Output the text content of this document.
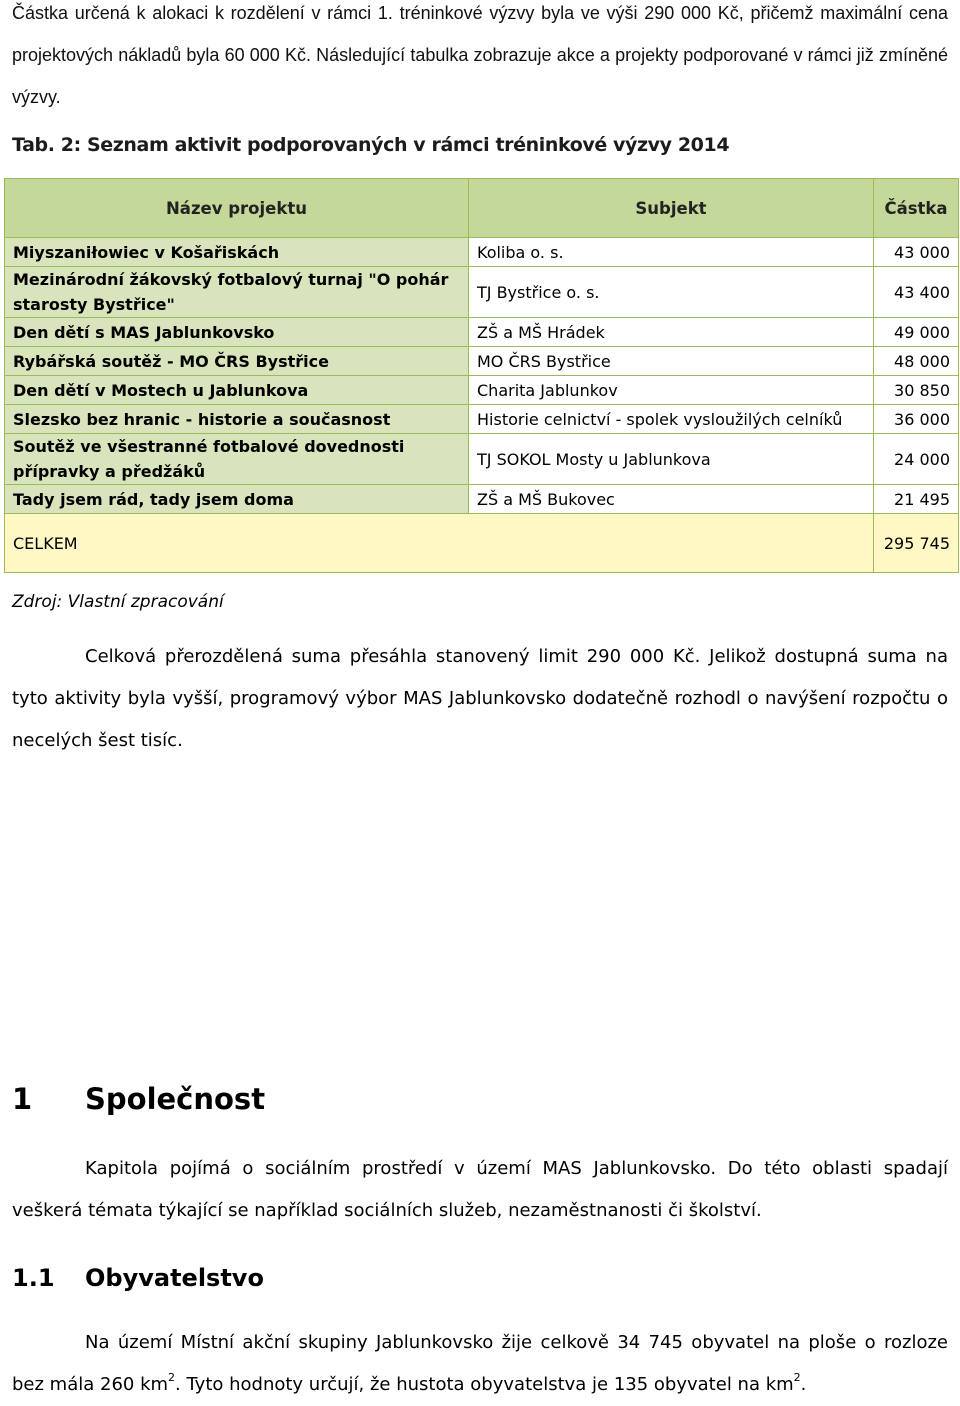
Částka určená k alokaci k rozdělení v rámci 1. tréninkové výzvy byla ve výši 290 000 Kč, přičemž maximální cena projektových nákladů byla 60 000 Kč. Následující tabulka zobrazuje akce a projekty podporované v rámci již zmíněné výzvy.
Tab. 2: Seznam aktivit podporovaných v rámci tréninkové výzvy 2014
Název projektu	Subjekt	Částka
Miyszaniłowiec v Košařiskách	Koliba o. s.	43 000
Mezinárodní žákovský fotbalový turnaj "O pohár starosty Bystřice"	TJ Bystřice o. s.	43 400
Den dětí s MAS Jablunkovsko	ZŠ a MŠ Hrádek	49 000
Rybářská soutěž - MO ČRS Bystřice	MO ČRS Bystřice	48 000
Den dětí v Mostech u Jablunkova	Charita Jablunkov	30 850
Slezsko bez hranic - historie a současnost	Historie celnictví - spolek vysloužilých celníků	36 000
Soutěž ve všestranné fotbalové dovednosti přípravky a předžáků	TJ SOKOL Mosty u Jablunkova	24 000
Tady jsem rád, tady jsem doma	ZŠ a MŠ Bukovec	21 495
CELKEM		295 745
Zdroj: Vlastní zpracování
Celková přerozdělená suma přesáhla stanovený limit 290 000 Kč. Jelikož dostupná suma na tyto aktivity byla vyšší, programový výbor MAS Jablunkovsko dodatečně rozhodl o navýšení rozpočtu o necelých šest tisíc.
1 Společnost
Kapitola pojímá o sociálním prostředí v území MAS Jablunkovsko. Do této oblasti spadají veškerá témata týkající se například sociálních služeb, nezaměstnanosti či školství.
1.1 Obyvatelstvo
Na území Místní akční skupiny Jablunkovsko žije celkově 34 745 obyvatel na ploše o rozloze bez mála 260 $km^2$. Tyto hodnoty určují, že hustota obyvatelstva je 135 obyvatel na $km^2$.
